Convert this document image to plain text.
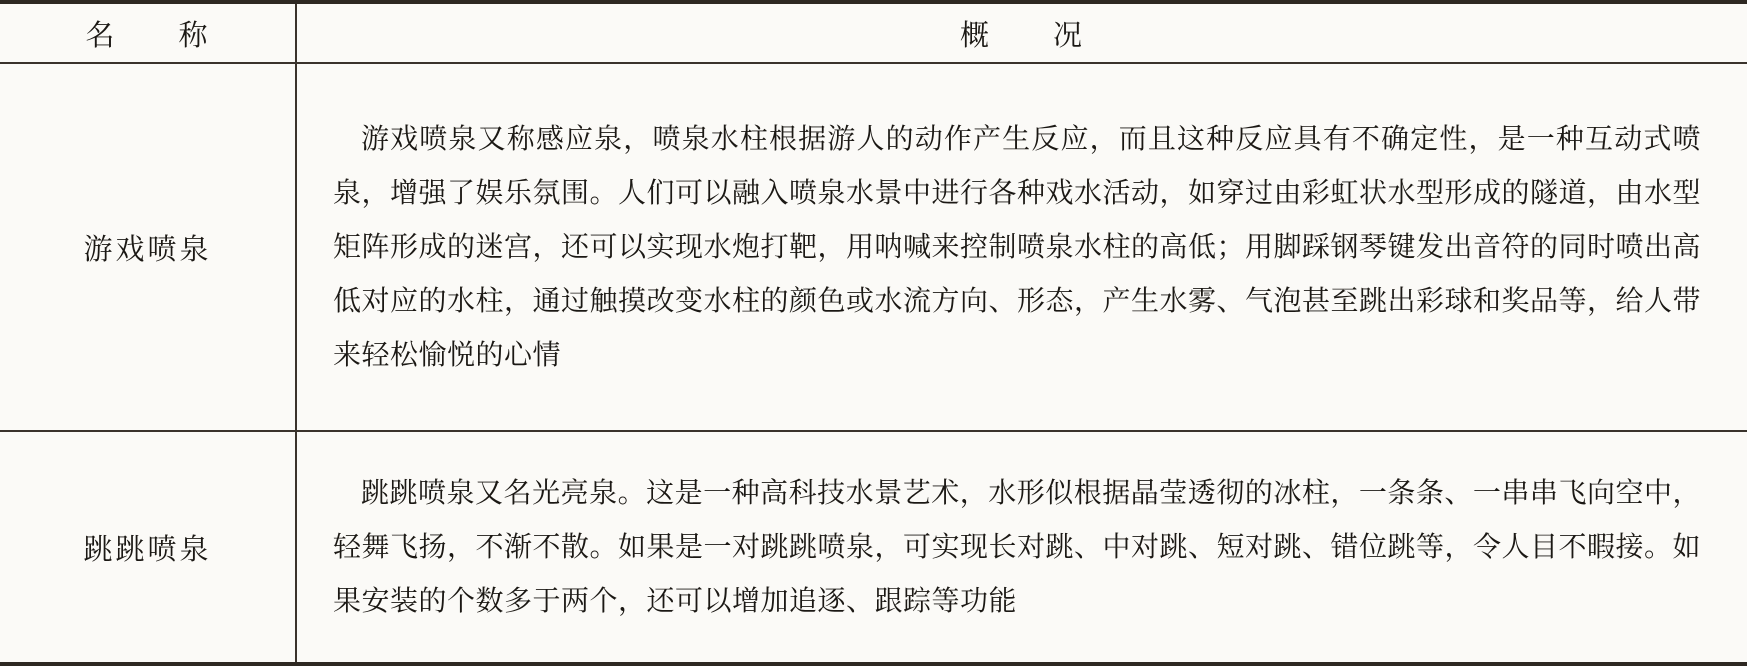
名　　称	概　　况
游戏喷泉

游戏喷泉又称感应泉，喷泉水柱根据游人的动作产生反应，而且这种反应具有不确定性，是一种互动式喷泉，增强了娱乐氛围。人们可以融入喷泉水景中进行各种戏水活动，如穿过由彩虹状水型形成的隧道，由水型矩阵形成的迷宫，还可以实现水炮打靶，用呐喊来控制喷泉水柱的高低；用脚踩钢琴键发出音符的同时喷出高低对应的水柱，通过触摸改变水柱的颜色或水流方向、形态，产生水雾、气泡甚至跳出彩球和奖品等，给人带来轻松愉悦的心情

跳跳喷泉

跳跳喷泉又名光亮泉。这是一种高科技水景艺术，水形似根据晶莹透彻的冰柱，一条条、一串串飞向空中，轻舞飞扬，不渐不散。如果是一对跳跳喷泉，可实现长对跳、中对跳、短对跳、错位跳等，令人目不暇接。如果安装的个数多于两个，还可以增加追逐、跟踪等功能
